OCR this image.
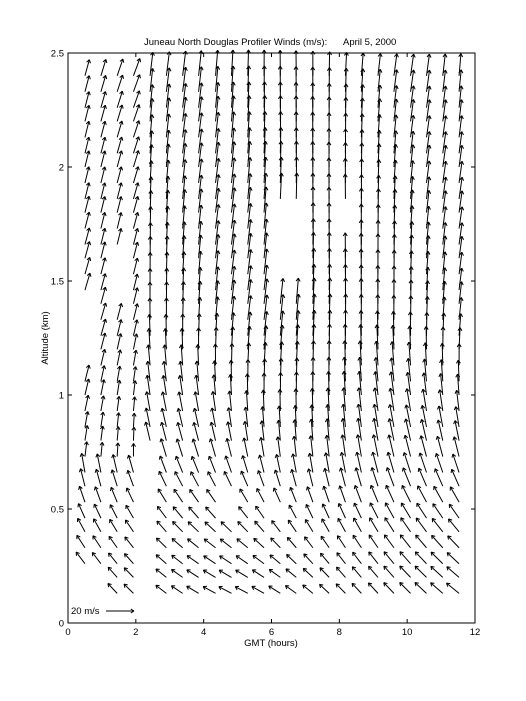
Juneau North Douglas Profiler Winds (m/s): April 5, 2000
GMT (hours)
Altitude (km)
0	2	4	6	8	10	12
0
0.5
1
1.5
2
2.5
20 m/s
